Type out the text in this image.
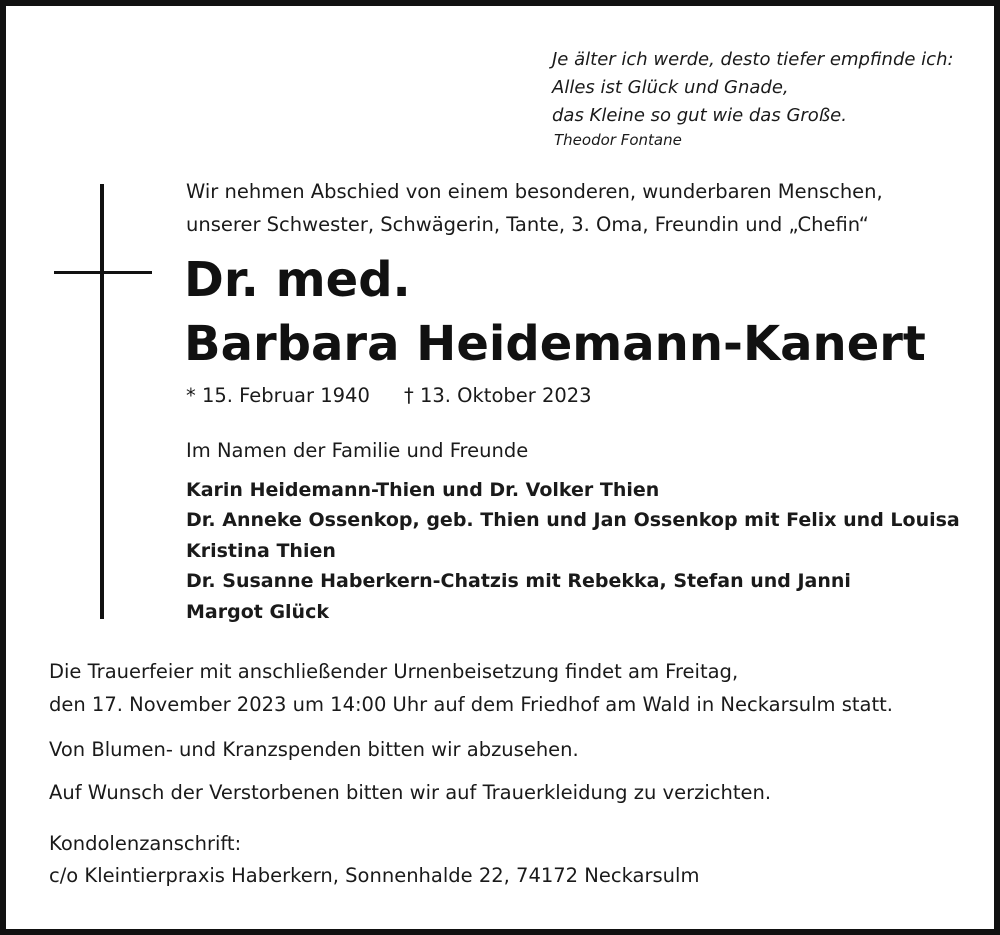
Je älter ich werde, desto tiefer empfinde ich:
Alles ist Glück und Gnade,
das Kleine so gut wie das Große.
Theodor Fontane
Wir nehmen Abschied von einem besonderen, wunderbaren Menschen,
unserer Schwester, Schwägerin, Tante, 3. Oma, Freundin und „Chefin“
Dr. med.
Barbara Heidemann-Kanert
* 15. Februar 1940 † 13. Oktober 2023
Im Namen der Familie und Freunde
Karin Heidemann-Thien und Dr. Volker Thien
Dr. Anneke Ossenkop, geb. Thien und Jan Ossenkop mit Felix und Louisa
Kristina Thien
Dr. Susanne Haberkern-Chatzis mit Rebekka, Stefan und Janni
Margot Glück
Die Trauerfeier mit anschließender Urnenbeisetzung findet am Freitag,
den 17. November 2023 um 14:00 Uhr auf dem Friedhof am Wald in Neckarsulm statt.
Von Blumen- und Kranzspenden bitten wir abzusehen.
Auf Wunsch der Verstorbenen bitten wir auf Trauerkleidung zu verzichten.
Kondolenzanschrift:
c/o Kleintierpraxis Haberkern, Sonnenhalde 22, 74172 Neckarsulm
